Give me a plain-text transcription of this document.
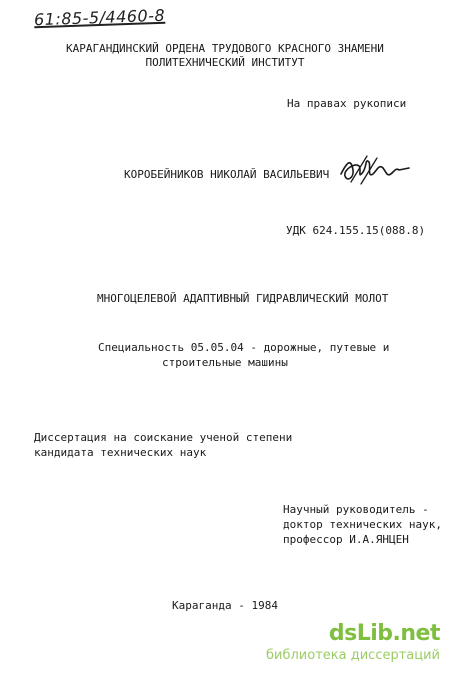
61:85-5/4460-8
КАРАГАНДИНСКИЙ ОРДЕНА ТРУДОВОГО КРАСНОГО ЗНАМЕНИ
ПОЛИТЕХНИЧЕСКИЙ ИНСТИТУТ
На правах рукописи
КОРОБЕЙНИКОВ НИКОЛАЙ ВАСИЛЬЕВИЧ
УДК 624.155.15(088.8)
МНОГОЦЕЛЕВОЙ АДАПТИВНЫЙ ГИДРАВЛИЧЕСКИЙ МОЛОТ
Специальность 05.05.04 - дорожные, путевые и
строительные машины
Диссертация на соискание ученой степени
кандидата технических наук
Научный руководитель -
доктор технических наук,
профессор И.А.ЯНЦЕН
Караганда - 1984
dsLib.net
библиотека диссертаций
